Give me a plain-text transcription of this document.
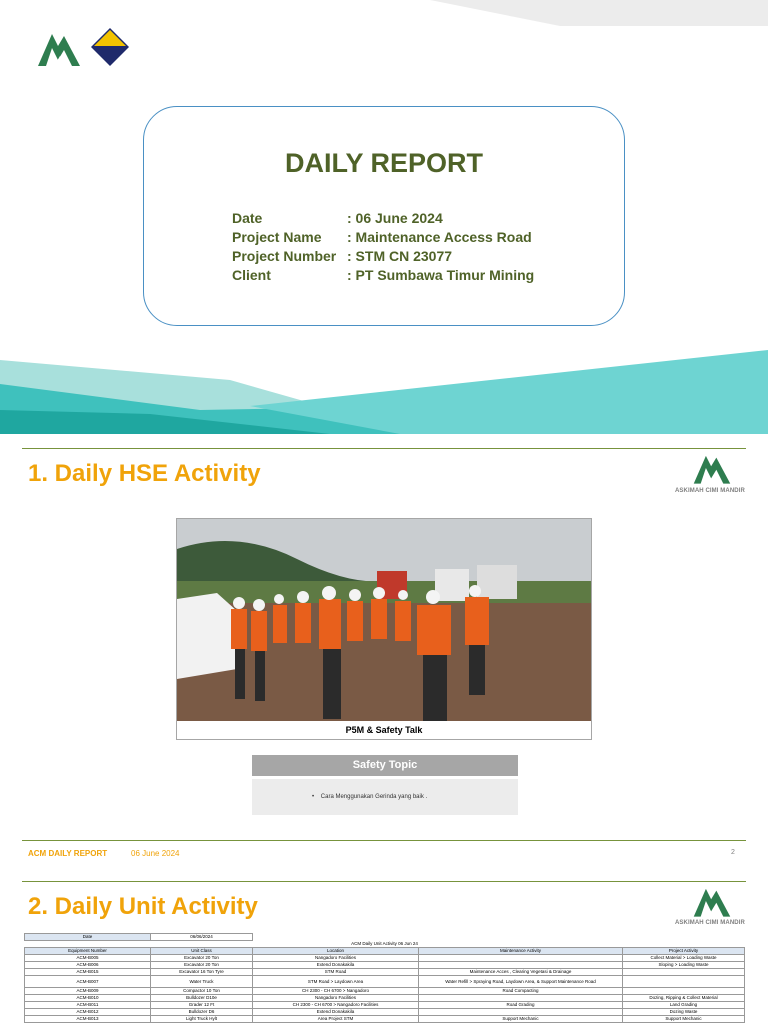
DAILY REPORT
Date	: 06 June 2024
Project Name : Maintenance Access Road
Project Number : STM CN 23077
Client	: PT Sumbawa Timur Mining
1. Daily HSE Activity
ASKIMAH CIMI MANDIR
P5M & Safety Talk
Safety Topic
•    Cara Menggunakan Gerinda yang baik .
ACM DAILY REPORT	06 June 2024	2
2. Daily Unit Activity
ASKIMAH CIMI MANDIR
Date	06/06/2024			
ACM Daily Unit Activity 06 Jun 24				
Equipment Number	Unit Class	Location	Maintenance Activity	Project Activity
ACM-B005	Excavator 20 Ton	Nangadoro Facilities		Collect Material > Loading Waste
ACM-B006	Excavator 20 Ton	Extend Donakakila		Sloping > Loading Waste
ACM-B015	Excavator 16 Ton Tyre	STM Road	Maintenance Acces , Clearing Vegetasi & Drainage	
ACM-B007	Water Truck	STM Road > Laydown Area	Water Refill > Spraying Road, Laydown Area, & Support Maintenance Road	
ACM-B009	Compactor 10 Ton	CH 2300 - CH 6700 > Nangadoro	Road Compacting	
ACM-B010	Bulldozer D10e	Nangadoro Facilities		Dozing, Ripping & Collect Material
ACM-B011	Grader 12 Ft	CH 2300 - CH 6700 > Nangadoro Facilities	Road Grading	Land Grading
ACM-B012	Bulldozer D6	Extend Donakakila		Dozing Waste
ACM-B013	Light Truck Hylt	Area Project STM	Support Mechanic	Support Mechanic
